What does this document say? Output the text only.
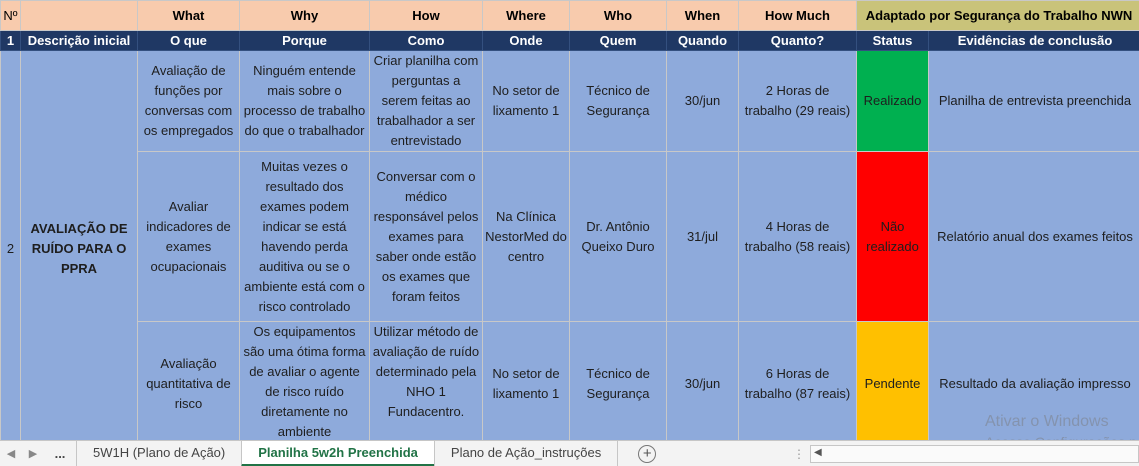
Nº		What	Why	How	Where	Who	When	How Much	Adaptado por Segurança do Trabalho NWN	
1	Descrição inicial	O que	Porque	Como	Onde	Quem	Quando	Quanto?	Status	Evidências de conclusão
2	AVALIAÇÃO DE RUÍDO PARA O PPRA	Avaliação de funções por conversas com os empregados	Ninguém entende mais sobre o processo de trabalho do que o trabalhador	Criar planilha com perguntas a serem feitas ao trabalhador a ser entrevistado	No setor de lixamento 1	Técnico de Segurança	30/jun	2 Horas de trabalho (29 reais)	Realizado	Planilha de entrevista preenchida
		Avaliar indicadores de exames ocupacionais	Muitas vezes o resultado dos exames podem indicar se está havendo perda auditiva ou se o ambiente está com o risco controlado	Conversar com o médico responsável pelos exames para saber onde estão os exames que foram feitos	Na Clínica NestorMed do centro	Dr. Antônio Queixo Duro	31/jul	4 Horas de trabalho (58 reais)	Não realizado	Relatório anual dos exames feitos
		Avaliação quantitativa de risco	Os equipamentos são uma ótima forma de avaliar o agente de risco ruído diretamente no ambiente	Utilizar método de avaliação de ruído determinado pela NHO 1 Fundacentro.	No setor de lixamento 1	Técnico de Segurança	30/jun	6 Horas de trabalho (87 reais)	Pendente	Resultado da avaliação impresso
Ativar o Windows
◀	▶	...	5W1H (Plano de Ação)	Planilha 5w2h Preenchida	Plano de Ação_instruções	+	⋮ ◀
